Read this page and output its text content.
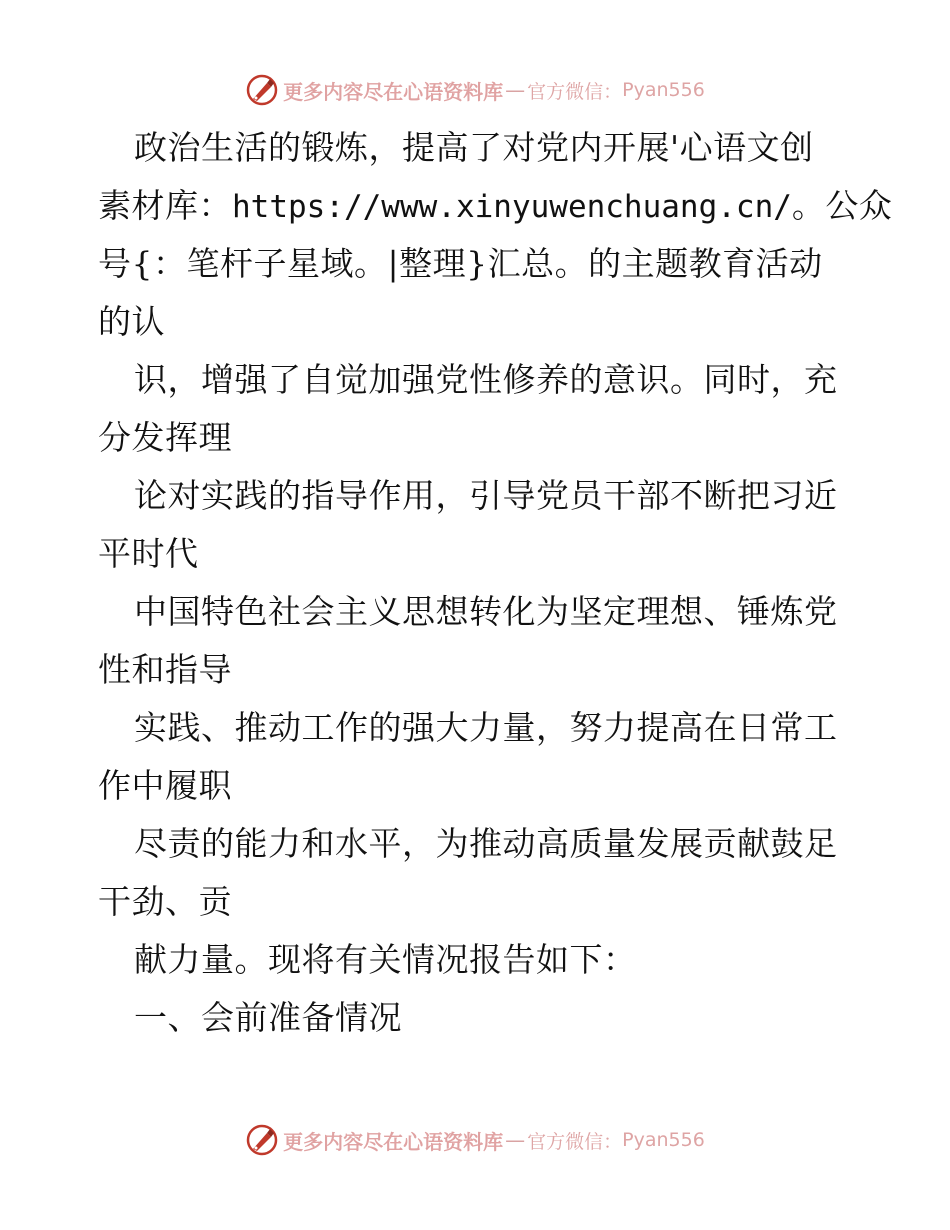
更多内容尽在心语资料库 — 官方微信： Pyan556
政治生活的锻炼，提高了对党内开展'心语文创
素材库：https://www.xinyuwenchuang.cn/。公众
号{：笔杆子星域。|整理}汇总。的主题教育活动
的认
识，增强了自觉加强党性修养的意识。同时，充
分发挥理
论对实践的指导作用，引导党员干部不断把习近
平时代
中国特色社会主义思想转化为坚定理想、锤炼党
性和指导
实践、推动工作的强大力量，努力提高在日常工
作中履职
尽责的能力和水平，为推动高质量发展贡献鼓足
干劲、贡
献力量。现将有关情况报告如下：
一、会前准备情况
更多内容尽在心语资料库 — 官方微信： Pyan556
